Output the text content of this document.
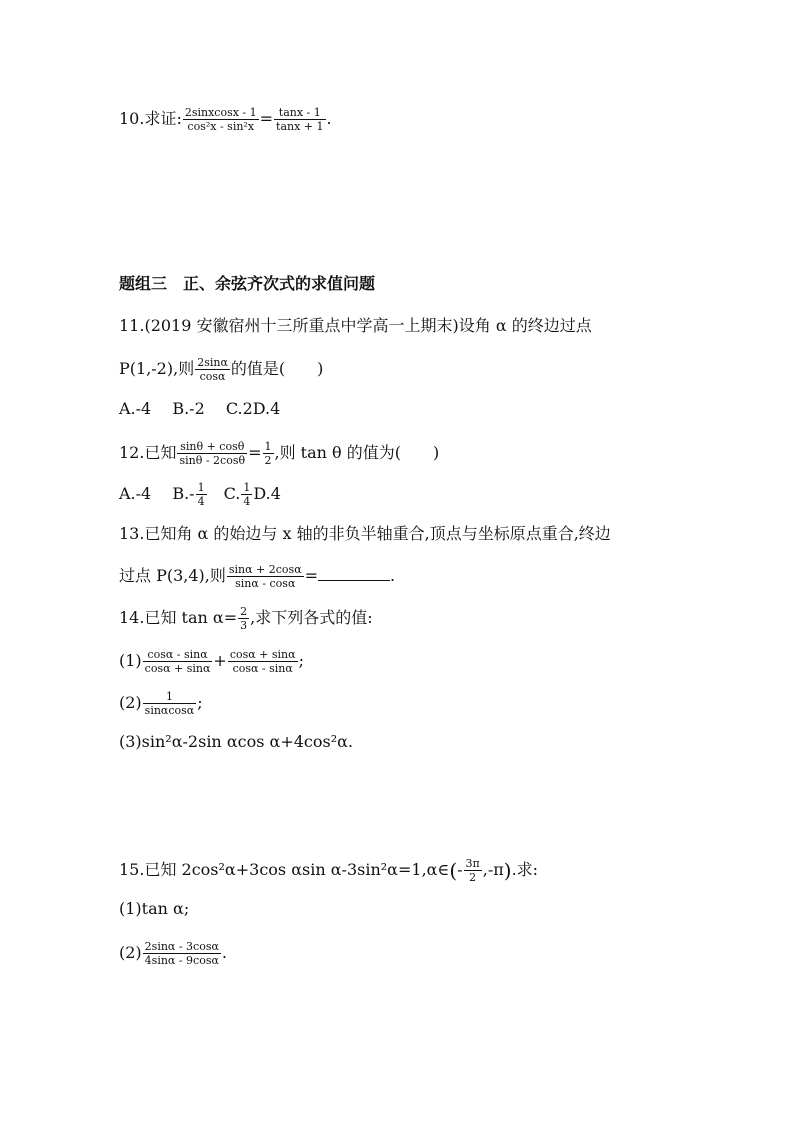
10.求证: $\frac{\text{2sinxcosx - 1}}{\text{cos²x - sin²x}} = \frac{\tan x - 1}{\tan x + 1}$ .
题组三　正、余弦齐次式的求值问题
11.(2019 安徽宿州十三所重点中学高一上期末)设角 α 的终边过点
P(1,-2),则 $\frac{2\sin\alpha}{\cos\alpha}$ 的值是(　　)
A.-4　 B.-2　 C.2D.4
12.已知 $\frac{\sin\theta + \cos\theta}{\sin\theta - 2\cos\theta} = \frac{1}{2}$ ,则 tan θ 的值为(　　)
A.-4　 $B.- \frac{1}{4}$ 　C. $\frac{1}{4} D.4$
13.已知角 α 的始边与 x 轴的非负半轴重合,顶点与坐标原点重合,终边
过点 P(3,4),则 $\frac{\sin\alpha + 2\cos\alpha}{\sin\alpha - \cos\alpha}$ =	.
14.已知 $\tan \alpha= \frac{2}{3}$ ,求下列各式的值:
$(1) \frac{\cos\alpha - \sin\alpha}{\cos\alpha + \sin\alpha} + \frac{\cos\alpha + \sin\alpha}{\cos\alpha - \sin\alpha}$ ;
$(2) \frac{1}{\sin\alpha\cos\alpha}$ ;
(3)sin²α-2sin αcos α+4cos²α.
15.已知 2cos²α+3cos αsin α-3sin²α=1,α∈(- $\frac{3\pi}{2} ,-\pi$).求:
(1)tan α;
$(2) \frac{2\sin\alpha - 3\cos\alpha}{4\sin\alpha - 9\cos\alpha}$ .
